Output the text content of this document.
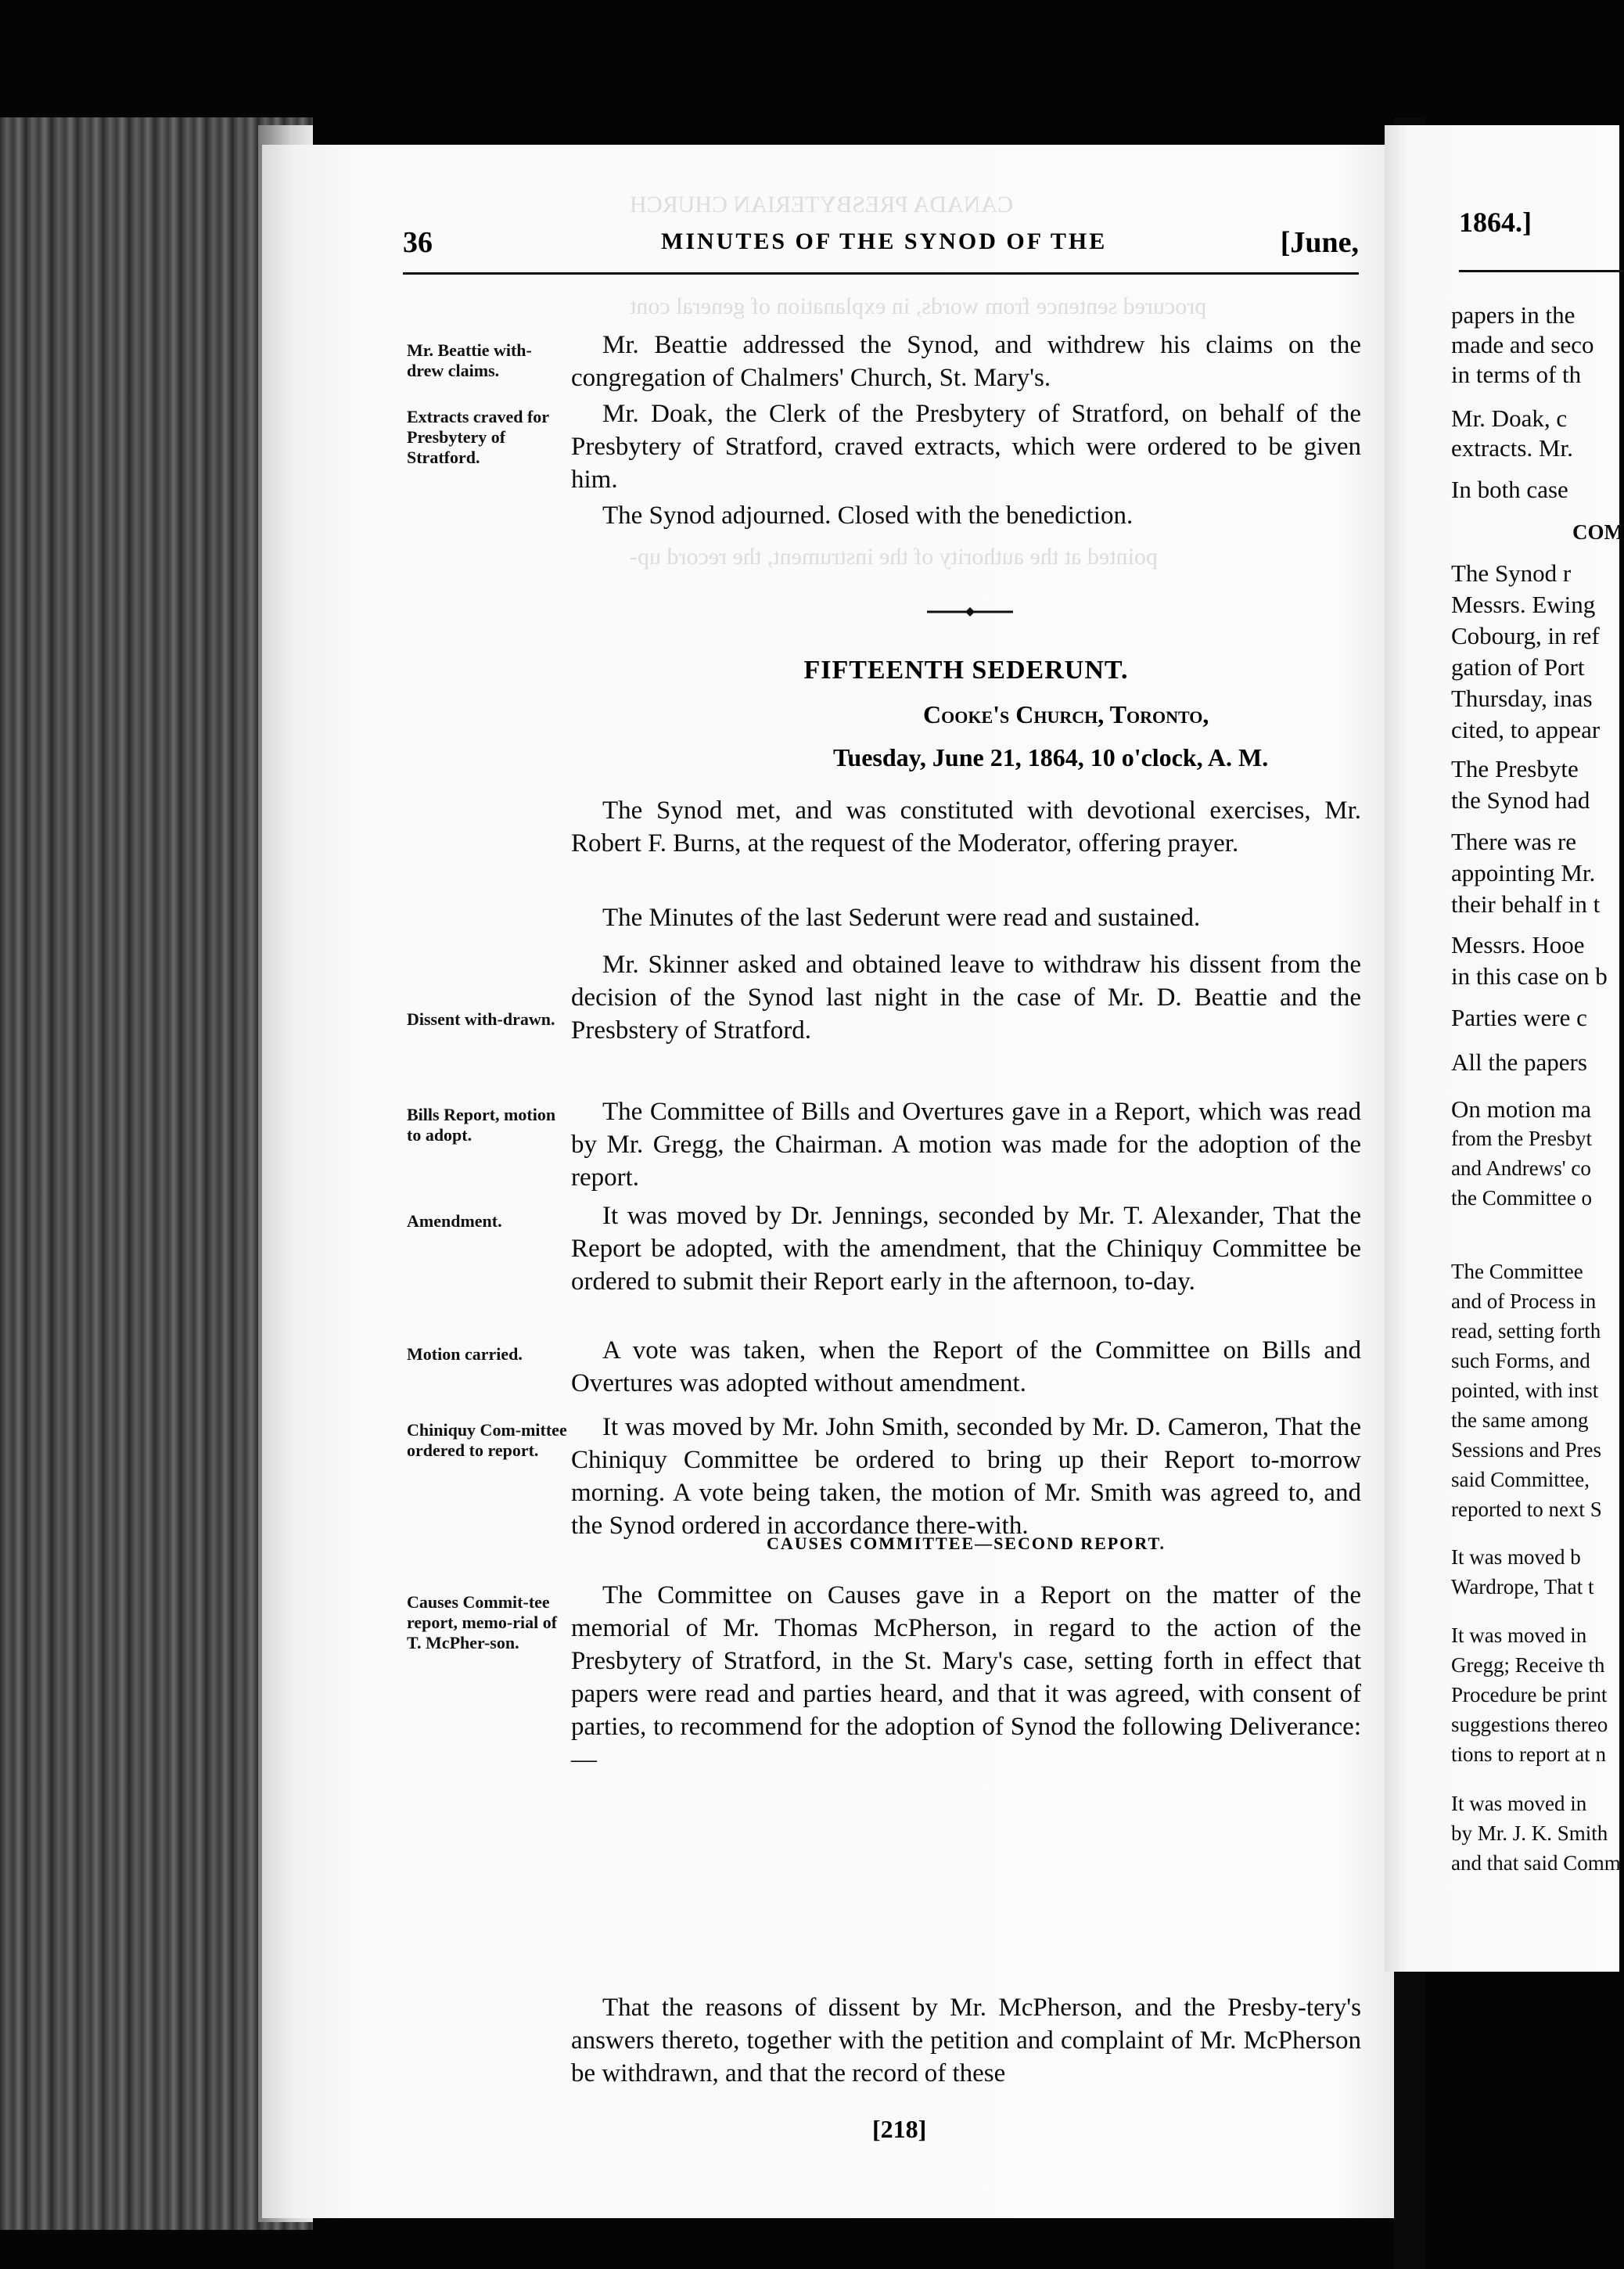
CANADA PRESBYTERIAN CHURCH
procured sentence from words, in explanation of general cont
pointed at the authority of the instrument, the record up-
36	MINUTES OF THE SYNOD OF THE	[June,
Mr. Beattie with-drew claims.
Extracts craved for Presbytery of Stratford.
Dissent with-drawn.
Bills Report, motion to adopt.
Amendment.
Motion carried.
Chiniquy Com-mittee ordered to report.
Causes Commit-tee report, memo-rial of T. McPher-son.
Mr. Beattie addressed the Synod, and withdrew his claims on the congregation of Chalmers' Church, St. Mary's.
Mr. Doak, the Clerk of the Presbytery of Stratford, on behalf of the Presbytery of Stratford, craved extracts, which were ordered to be given him.
The Synod adjourned. Closed with the benediction.
FIFTEENTH SEDERUNT.
Cooke's Church, Toronto,
Tuesday, June 21, 1864, 10 o'clock, A. M.
The Synod met, and was constituted with devotional exercises, Mr. Robert F. Burns, at the request of the Moderator, offering prayer.
The Minutes of the last Sederunt were read and sustained.
Mr. Skinner asked and obtained leave to withdraw his dissent from the decision of the Synod last night in the case of Mr. D. Beattie and the Presbstery of Stratford.
The Committee of Bills and Overtures gave in a Report, which was read by Mr. Gregg, the Chairman. A motion was made for the adoption of the report.
It was moved by Dr. Jennings, seconded by Mr. T. Alexander, That the Report be adopted, with the amendment, that the Chiniquy Committee be ordered to submit their Report early in the afternoon, to-day.
A vote was taken, when the Report of the Committee on Bills and Overtures was adopted without amendment.
It was moved by Mr. John Smith, seconded by Mr. D. Cameron, That the Chiniquy Committee be ordered to bring up their Report to-morrow morning. A vote being taken, the motion of Mr. Smith was agreed to, and the Synod ordered in accordance there-with.
CAUSES COMMITTEE—SECOND REPORT.
The Committee on Causes gave in a Report on the matter of the memorial of Mr. Thomas McPherson, in regard to the action of the Presbytery of Stratford, in the St. Mary's case, setting forth in effect that papers were read and parties heard, and that it was agreed, with consent of parties, to recommend for the adoption of Synod the following Deliverance:—
That the reasons of dissent by Mr. McPherson, and the Presby-tery's answers thereto, together with the petition and complaint of Mr. McPherson be withdrawn, and that the record of these
[218]
1864.]
papers in the
made and seco
in terms of th
Mr. Doak, c
extracts. Mr.
In both case
COM
The Synod r
Messrs. Ewing
Cobourg, in ref
gation of Port
Thursday, inas
cited, to appear
The Presbyte
the Synod had
There was re
appointing Mr.
their behalf in t
Messrs. Hooe
in this case on b
Parties were c
All the papers
On motion ma
from the Presbyt
and Andrews' co
the Committee o
The Committee
and of Process in
read, setting forth
such Forms, and
pointed, with inst
the same among
Sessions and Pres
said Committee,
reported to next S
It was moved b
Wardrope, That t
It was moved in
Gregg; Receive th
Procedure be print
suggestions thereo
tions to report at n
It was moved in
by Mr. J. K. Smith
and that said Comm
